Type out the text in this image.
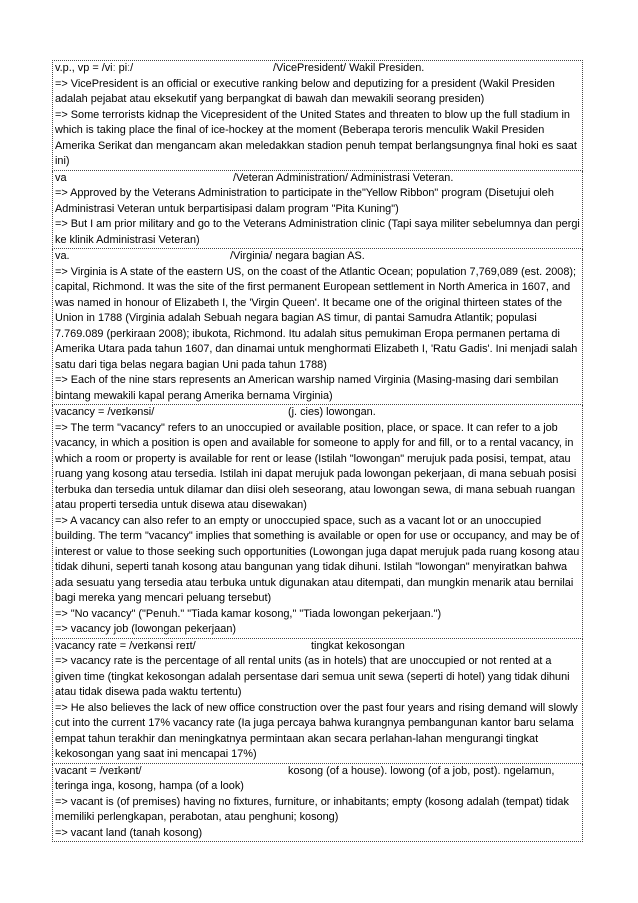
v.p., vp = /viː piː/	/VicePresident/ Wakil Presiden.
=> VicePresident is an official or executive ranking below and deputizing for a president (Wakil Presiden adalah pejabat atau eksekutif yang berpangkat di bawah dan mewakili seorang presiden)
=> Some terrorists kidnap the Vicepresident of the United States and threaten to blow up the full stadium in which is taking place the final of ice-hockey at the moment (Beberapa teroris menculik Wakil Presiden Amerika Serikat dan mengancam akan meledakkan stadion penuh tempat berlangsungnya final hoki es saat ini)
va	/Veteran Administration/ Administrasi Veteran.
=> Approved by the Veterans Administration to participate in the"Yellow Ribbon" program (Disetujui oleh Administrasi Veteran untuk berpartisipasi dalam program "Pita Kuning")
=> But I am prior military and go to the Veterans Administration clinic (Tapi saya militer sebelumnya dan pergi ke klinik Administrasi Veteran)
va.	/Virginia/ negara bagian AS.
=> Virginia is A state of the eastern US, on the coast of the Atlantic Ocean; population 7,769,089 (est. 2008); capital, Richmond. It was the site of the first permanent European settlement in North America in 1607, and was named in honour of Elizabeth I, the 'Virgin Queen'. It became one of the original thirteen states of the Union in 1788 (Virginia adalah Sebuah negara bagian AS timur, di pantai Samudra Atlantik; populasi 7.769.089 (perkiraan 2008); ibukota, Richmond. Itu adalah situs pemukiman Eropa permanen pertama di Amerika Utara pada tahun 1607, dan dinamai untuk menghormati Elizabeth I, 'Ratu Gadis'. Ini menjadi salah satu dari tiga belas negara bagian Uni pada tahun 1788)
=> Each of the nine stars represents an American warship named Virginia (Masing-masing dari sembilan bintang mewakili kapal perang Amerika bernama Virginia)
vacancy = /veɪkənsi/	(j. cies) lowongan.
=> The term "vacancy" refers to an unoccupied or available position, place, or space. It can refer to a job vacancy, in which a position is open and available for someone to apply for and fill, or to a rental vacancy, in which a room or property is available for rent or lease (Istilah "lowongan" merujuk pada posisi, tempat, atau ruang yang kosong atau tersedia. Istilah ini dapat merujuk pada lowongan pekerjaan, di mana sebuah posisi terbuka dan tersedia untuk dilamar dan diisi oleh seseorang, atau lowongan sewa, di mana sebuah ruangan atau properti tersedia untuk disewa atau disewakan)
=> A vacancy can also refer to an empty or unoccupied space, such as a vacant lot or an unoccupied building. The term "vacancy" implies that something is available or open for use or occupancy, and may be of interest or value to those seeking such opportunities (Lowongan juga dapat merujuk pada ruang kosong atau tidak dihuni, seperti tanah kosong atau bangunan yang tidak dihuni. Istilah "lowongan" menyiratkan bahwa ada sesuatu yang tersedia atau terbuka untuk digunakan atau ditempati, dan mungkin menarik atau bernilai bagi mereka yang mencari peluang tersebut)
=> "No vacancy" ("Penuh." "Tiada kamar kosong," "Tiada lowongan pekerjaan.")
=> vacancy job (lowongan pekerjaan)
vacancy rate = /veɪkənsi reɪt/	tingkat kekosongan
=> vacancy rate is the percentage of all rental units (as in hotels) that are unoccupied or not rented at a given time (tingkat kekosongan adalah persentase dari semua unit sewa (seperti di hotel) yang tidak dihuni atau tidak disewa pada waktu tertentu)
=> He also believes the lack of new office construction over the past four years and rising demand will slowly cut into the current 17% vacancy rate (Ia juga percaya bahwa kurangnya pembangunan kantor baru selama empat tahun terakhir dan meningkatnya permintaan akan secara perlahan-lahan mengurangi tingkat kekosongan yang saat ini mencapai 17%)
vacant = /veɪkənt/	kosong (of a house). lowong (of a job, post). ngelamun,
teringa inga, kosong, hampa (of a look)
=> vacant is (of premises) having no fixtures, furniture, or inhabitants; empty (kosong adalah (tempat) tidak memiliki perlengkapan, perabotan, atau penghuni; kosong)
=> vacant land (tanah kosong)
